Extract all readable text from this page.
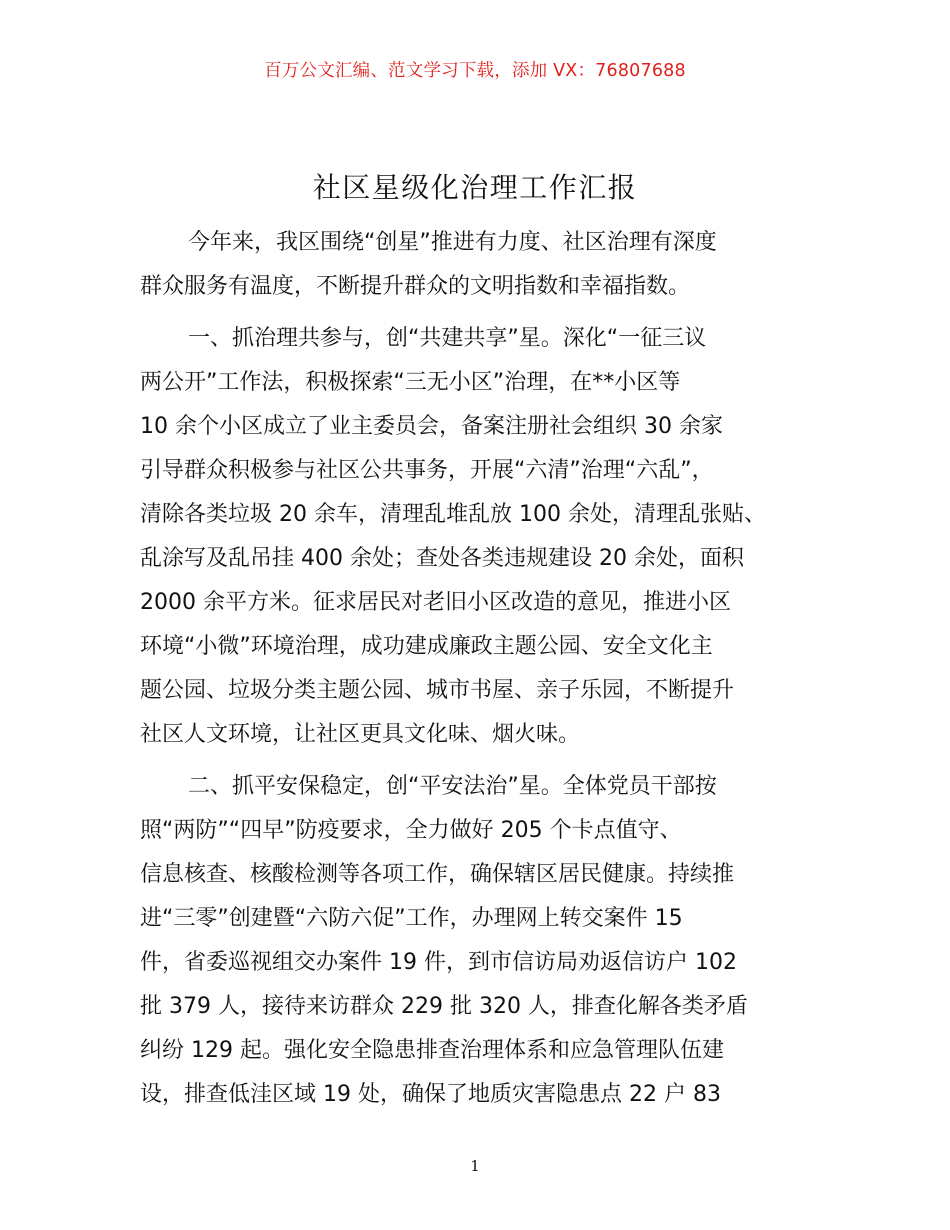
百万公文汇编、范文学习下载，添加 VX：76807688
社区星级化治理工作汇报
今年来，我区围绕“创星”推进有力度、社区治理有深度
群众服务有温度，不断提升群众的文明指数和幸福指数。
一、抓治理共参与，创“共建共享”星。深化“一征三议
两公开”工作法，积极探索“三无小区”治理，在**小区等
10 余个小区成立了业主委员会，备案注册社会组织 30 余家
引导群众积极参与社区公共事务，开展“六清”治理“六乱”，
清除各类垃圾 20 余车，清理乱堆乱放 100 余处，清理乱张贴、
乱涂写及乱吊挂 400 余处；查处各类违规建设 20 余处，面积
2000 余平方米。征求居民对老旧小区改造的意见，推进小区
环境“小微”环境治理，成功建成廉政主题公园、安全文化主
题公园、垃圾分类主题公园、城市书屋、亲子乐园，不断提升
社区人文环境，让社区更具文化味、烟火味。
二、抓平安保稳定，创“平安法治”星。全体党员干部按
照“两防”“四早”防疫要求，全力做好 205 个卡点值守、
信息核查、核酸检测等各项工作，确保辖区居民健康。持续推
进“三零”创建暨“六防六促”工作，办理网上转交案件 15
件，省委巡视组交办案件 19 件，到市信访局劝返信访户 102
批 379 人，接待来访群众 229 批 320 人，排查化解各类矛盾
纠纷 129 起。强化安全隐患排查治理体系和应急管理队伍建
设，排查低洼区域 19 处，确保了地质灾害隐患点 22 户 83
1
